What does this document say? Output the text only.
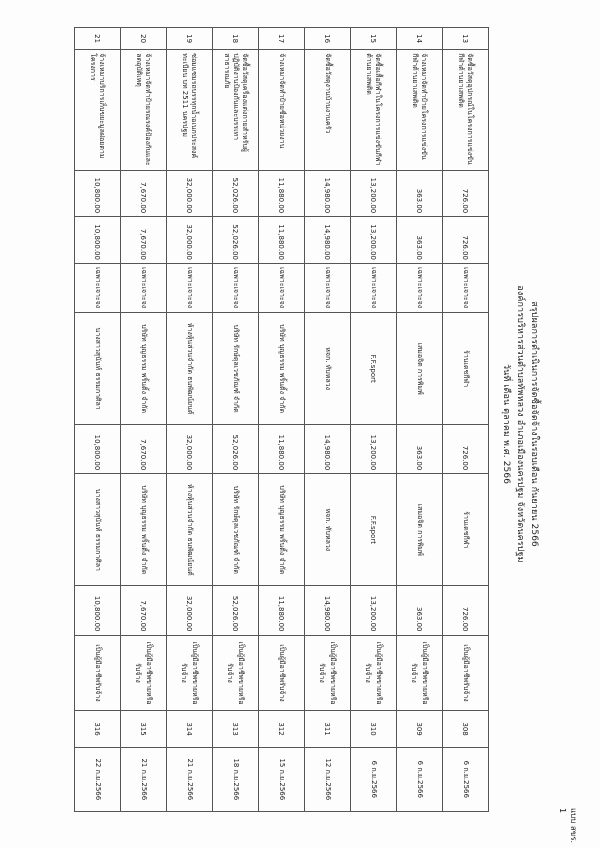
แบบ สขร. 1
สรุปผลการดำเนินการจัดซื้อจัดจ้างในรอบเดือน กันยายน 2566
องค์การบริหารส่วนตำบลทัพหลวง อำเภอเมืองนครปฐม จังหวัดนครปฐม
วันที่ เดือน ตุลาคม พ.ศ. 2566
13	จัดซื้อวัสดุอุปกรณ์ในโครงการแข่งขันกีฬาต้านยาเสพติด	726.00	726.00	เฉพาะเจาะจง	ร้านเดชกีฬา	726.00	ร้านเดชกีฬา	726.00	เป็นผู้มีอาชีพรับจ้าง	308	6 ก.ย.2566
14	จ้างเหมาจัดทำป้ายโครงการแข่งขันกีฬาต้านยาเสพติด	363.00	363.00	เฉพาะเจาะจง	เสมอจิต การพิมพ์	363.00	เสมอจิต การพิมพ์	363.00	เป็นผู้มีอาชีพขายหรือรับจ้าง	309	6 ก.ย.2566
15	จัดซื้อเสื้อกีฬาในโครงการแข่งขันกีฬาต้านยาเสพติด	13,200.00	13,200.00	เฉพาะเจาะจง	F.F.sport	13,200.00	F.F.sport	13,200.00	เป็นผู้มีอาชีพขายหรือรับจ้าง	310	6 ก.ย.2566
16	จัดซื้อวัสดุงานบ้านงานครัว	14,980.00	14,980.00	เฉพาะเจาะจง	หจก. ทับหลวง	14,980.00	หจก. ทับหลวง	14,980.00	เป็นผู้มีอาชีพขายหรือรับจ้าง	311	12 ก.ย.2566
17	จ้างเหมาจัดทำป้ายชื่อหน่วยงาน	11,880.00	11,880.00	เฉพาะเจาะจง	บริษัท บุญธรรม พริ้นติ้ง จำกัด	11,880.00	บริษัท บุญธรรม พริ้นติ้ง จำกัด	11,880.00	เป็นผู้มีอาชีพรับจ้าง	312	15 ก.ย.2566
18	จัดซื้อวัสดุเครื่องแต่งกายสำหรับผู้ปฏิบัติงานป้องกันและบรรเทาสาธารณภัย	52,026.00	52,026.00	เฉพาะเจาะจง	บริษัท รักษ์ดุลเวชภัณฑ์ จำกัด	52,026.00	บริษัท รักษ์ดุลเวชภัณฑ์ จำกัด	52,026.00	เป็นผู้มีอาชีพขายหรือรับจ้าง	313	18 ก.ย.2566
19	ซ่อมแซมรถบรรทุกน้ำอเนกประสงค์ ทะเบียน บท 2511 นครปฐม	32,000.00	32,000.00	เฉพาะเจาะจง	ห้างหุ้นส่วนจำกัด ธนพัฒน์ยนต์	32,000.00	ห้างหุ้นส่วนจำกัด ธนพัฒน์ยนต์	32,000.00	เป็นผู้มีอาชีพขายหรือรับจ้าง	314	21 ก.ย.2566
20	จ้างเหมาจัดทำป้ายรณรงค์ป้องกันและลดอุบัติเหตุ	7,670.00	7,670.00	เฉพาะเจาะจง	บริษัท บุญธรรม พริ้นติ้ง จำกัด	7,670.00	บริษัท บุญธรรม พริ้นติ้ง จำกัด	7,670.00	เป็นผู้มีอาชีพขายหรือรับจ้าง	315	21 ก.ย.2566
21	จ้างเหมาบริการเก็บขยะมูลฝอยตามโครงการ	10,800.00	10,800.00	เฉพาะเจาะจง	นางสาวสุนันท์ ธรรมกาศิลา	10,800.00	นางสาวสุนันท์ ธรรมกาศิลา	10,800.00	เป็นผู้มีอาชีพรับจ้าง	316	22 ก.ย.2566
